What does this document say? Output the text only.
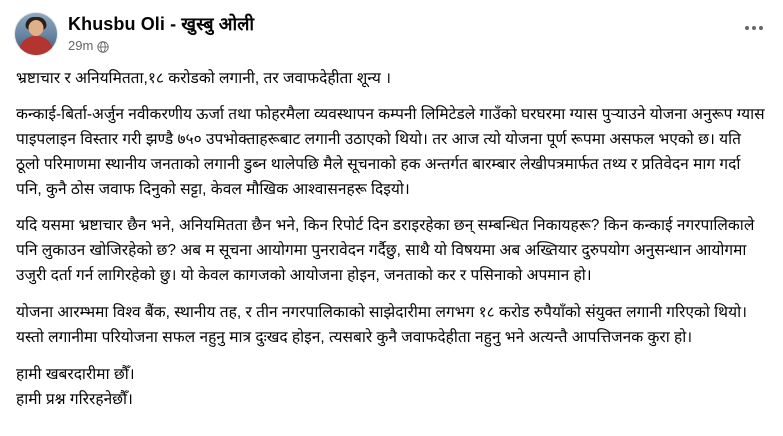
Khusbu Oli - खुस्बु ओली
29m

भ्रष्टाचार र अनियमितता,१८ करोडको लगानी, तर जवाफदेहीता शून्य ।

कन्काई-बिर्ता-अर्जुन नवीकरणीय ऊर्जा तथा फोहरमैला व्यवस्थापन कम्पनी लिमिटेडले गाउँको घरघरमा ग्यास पुर्‍याउने योजना अनुरूप ग्यास पाइपलाइन विस्तार गरी झण्डै ७५० उपभोक्ताहरूबाट लगानी उठाएको थियो। तर आज त्यो योजना पूर्ण रूपमा असफल भएको छ। यति ठूलो परिमाणमा स्थानीय जनताको लगानी डुब्न थालेपछि मैले सूचनाको हक अन्तर्गत बारम्बार लेखीपत्रमार्फत तथ्य र प्रतिवेदन माग गर्दा पनि, कुनै ठोस जवाफ दिनुको सट्टा, केवल मौखिक आश्वासनहरू दिइयो।

यदि यसमा भ्रष्टाचार छैन भने, अनियमितता छैन भने, किन रिपोर्ट दिन डराइरहेका छन् सम्बन्धित निकायहरू? किन कन्काई नगरपालिकाले पनि लुकाउन खोजिरहेको छ? अब म सूचना आयोगमा पुनरावेदन गर्दैछु, साथै यो विषयमा अब अख्तियार दुरुपयोग अनुसन्धान आयोगमा उजुरी दर्ता गर्न लागिरहेको छु। यो केवल कागजको आयोजना होइन, जनताको कर र पसिनाको अपमान हो।

योजना आरम्भमा विश्व बैंक, स्थानीय तह, र तीन नगरपालिकाको साझेदारीमा लगभग १८ करोड रुपैयाँको संयुक्त लगानी गरिएको थियो। यस्तो लगानीमा परियोजना सफल नहुनु मात्र दुःखद होइन, त्यसबारे कुनै जवाफदेहीता नहुनु भने अत्यन्तै आपत्तिजनक कुरा हो।

हामी खबरदारीमा छौँ।

हामी प्रश्न गरिरहनेछौँ।
